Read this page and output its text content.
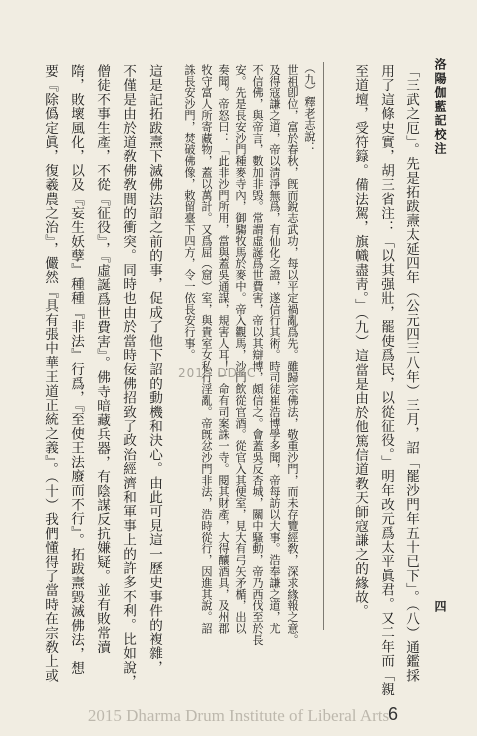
洛陽伽藍記校注
四
「三武之厄」。先是拓跋燾太延四年（公元四三八年）三月，詔「罷沙門年五十已下」。（八）通鑑採
用了這條史實，胡三省注：「以其强壯，罷使爲民，以從征役。」明年改元爲太平眞君。又二年而「親
至道壇，受符籙。備法駕，旗幟盡靑。」（九）這當是由於他篤信道教天師寇謙之的緣故。
（九）釋老志說：
世祖卽位，富於春秋，旣而銳志武功，每以平定禍亂爲先。雖歸宗佛法，敬重沙門，而未存覽經敎，深求緣報之意。
及得寇謙之道，帝以淸淨無爲，有仙化之證，遂信行其術。時司徒崔浩博學多聞，帝每訪以大事。浩奉謙之道，尤
不信佛，與帝言，數加非毁。常謂虛誕爲世費害，帝以其辯博，頗信之。會蓋吳反杏城，關中騷動，帝乃西伐至於長
安。先是長安沙門種麥寺內，御騶牧馬於麥中。帝入觀馬，沙門飲從官酒。從官入其便室，見大有弓矢矛楯，出以
奏聞。帝怒曰：「此非沙門所用，當與蓋吳通謀，規害人耳！」命有司案誅一寺。閱其財產，大得釀酒具，及州郡
牧守富人所寄藏物，蓋以萬計。又爲屈（窟）室，與貴室女私行淫亂。帝旣忿沙門非法，浩時從行，因進其說。詔
誅長安沙門，焚破佛像，敕留臺下四方，令一依長安行事。
這是記拓跋燾下滅佛法詔之前的事，促成了他下詔的動機和決心。由此可見這一歷史事件的複雜，
不僅是由於道敎佛敎間的衝突。同時也由於當時佞佛招致了政治經濟和軍事上的許多不利。比如說，
僧徒不事生產，不從『征役』，『虛誕爲世費害』。佛寺暗藏兵器，有陰謀反抗嫌疑。並有敗常瀆
隋，敗壞風化，以及『妄生妖孽』種種『非法』行爲，『至使王法廢而不行』。拓跋燾毀滅佛法，想
要『除僞定眞，復羲農之治』，儼然『具有張中華王道正統之義』。（十）我們懂得了當時在宗敎上或	2015 DDBC
2015 Dharma Drum Institute of Liberal Arts
6
